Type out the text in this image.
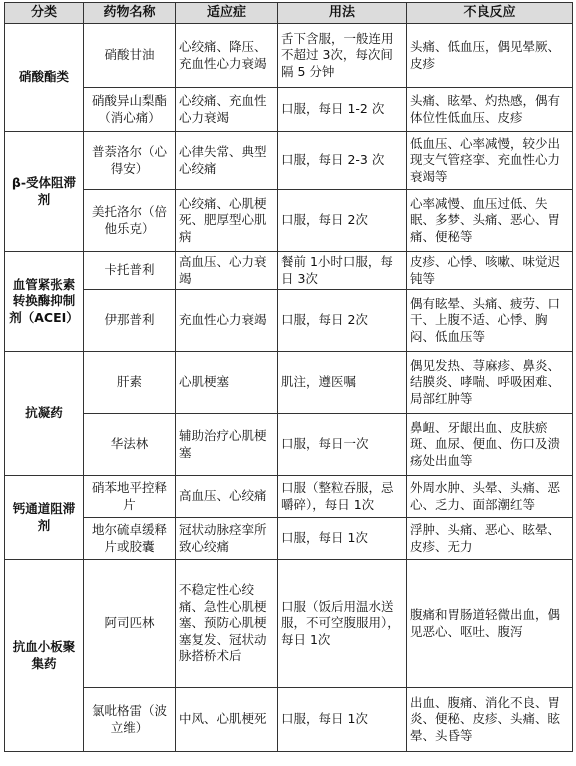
分类	药物名称	适应症	用法	不良反应
硝酸酯类	硝酸甘油	心绞痛、降压、充血性心力衰竭	舌下含服，一般连用不超过 3次，每次间隔 5 分钟	头痛、低血压，偶见晕厥、皮疹
	硝酸异山梨酯（消心痛）	心绞痛、充血性心力衰竭	口服，每日 1-2 次	头痛、眩晕、灼热感，偶有体位性低血压、皮疹
β-受体阻滞剂	普萘洛尔（心得安）	心律失常、典型心绞痛	口服，每日 2-3 次	低血压、心率减慢，较少出现支气管痉挛、充血性心力衰竭等
	美托洛尔（倍他乐克）	心绞痛、心肌梗死、肥厚型心肌病	口服，每日 2次	心率减慢、血压过低、失眠、多梦、头痛、恶心、胃痛、便秘等
血管紧张素转换酶抑制剂（ACEI）	卡托普利	高血压、心力衰竭	餐前 1小时口服，每日 3次	皮疹、心悸、咳嗽、味觉迟钝等
	伊那普利	充血性心力衰竭	口服，每日 2次	偶有眩晕、头痛、疲劳、口干、上腹不适、心悸、胸闷、低血压等
抗凝药	肝素	心肌梗塞	肌注，遵医嘱	偶见发热、荨麻疹、鼻炎、结膜炎、哮喘、呼吸困难、局部红肿等
	华法林	辅助治疗心肌梗塞	口服，每日一次	鼻衄、牙龈出血、皮肤瘀斑、血尿、便血、伤口及溃疡处出血等
钙通道阻滞剂	硝苯地平控释片	高血压、心绞痛	口服（整粒吞服，忌嚼碎），每日 1次	外周水肿、头晕、头痛、恶心、乏力、面部潮红等
	地尔硫卓缓释片或胶囊	冠状动脉痉挛所致心绞痛	口服，每日 1次	浮肿、头痛、恶心、眩晕、皮疹、无力
抗血小板聚集药	阿司匹林	不稳定性心绞痛、急性心肌梗塞、预防心肌梗塞复发、冠状动脉搭桥术后	口服（饭后用温水送服，不可空腹服用），每日 1次	腹痛和胃肠道轻微出血，偶见恶心、呕吐、腹泻
	氯吡格雷（波立维）	中风、心肌梗死	口服，每日 1次	出血、腹痛、消化不良、胃炎、便秘、皮疹、头痛、眩晕、头昏等
